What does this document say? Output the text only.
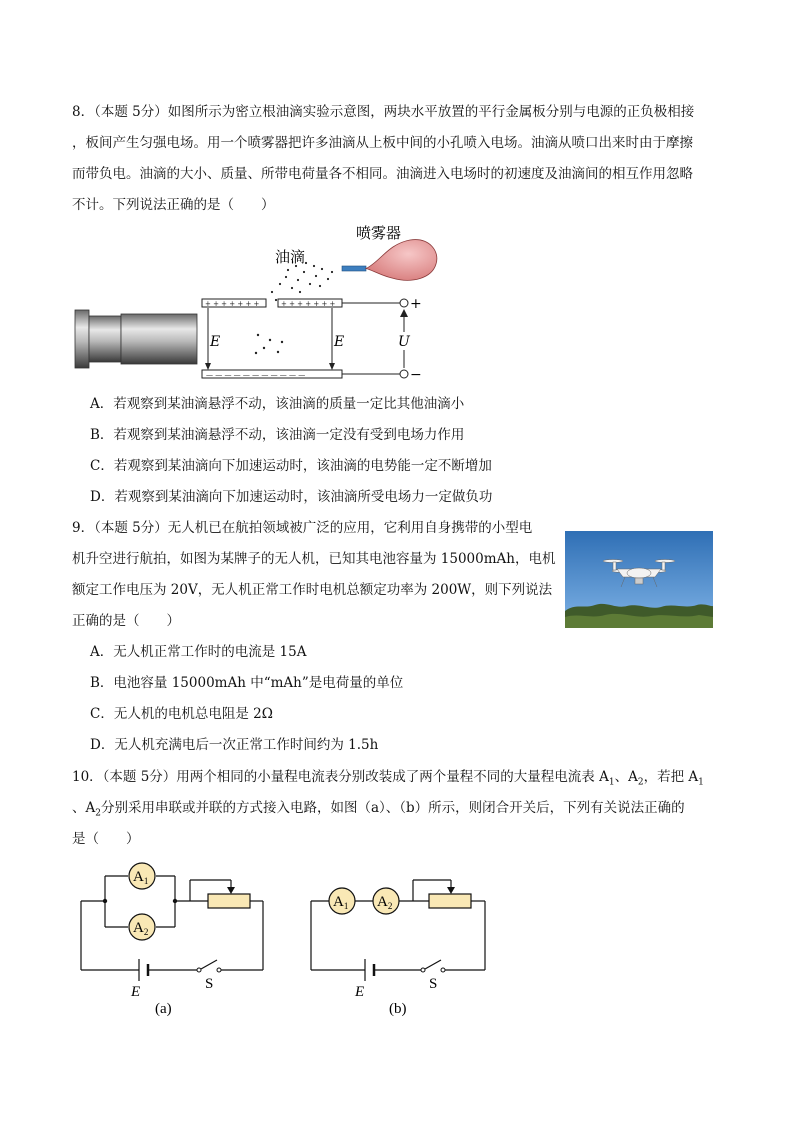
8．（本题 5分）如图所示为密立根油滴实验示意图，两块水平放置的平行金属板分别与电源的正负极相接
，板间产生匀强电场。用一个喷雾器把许多油滴从上板中间的小孔喷入电场。油滴从喷口出来时由于摩擦
而带负电。油滴的大小、质量、所带电荷量各不相同。油滴进入电场时的初速度及油滴间的相互作用忽略
不计。下列说法正确的是（　　）
+ + + + + + +	+ + + + + + +
— — — — — — — — — — —
+
−
U
E	E
油滴
喷雾器
A．若观察到某油滴悬浮不动，该油滴的质量一定比其他油滴小
B．若观察到某油滴悬浮不动，该油滴一定没有受到电场力作用
C．若观察到某油滴向下加速运动时，该油滴的电势能一定不断增加
D．若观察到某油滴向下加速运动时，该油滴所受电场力一定做负功
9．（本题 5分）无人机已在航拍领域被广泛的应用，它利用自身携带的小型电
机升空进行航拍，如图为某牌子的无人机，已知其电池容量为 15000mAh，电机
额定工作电压为 20V，无人机正常工作时电机总额定功率为 200W，则下列说法
正确的是（　　）
A．无人机正常工作时的电流是 15A
B．电池容量 15000mAh 中“mAh”是电荷量的单位
C．无人机的电机总电阻是 2Ω
D．无人机充满电后一次正常工作时间约为 1.5h
10．（本题 5分）用两个相同的小量程电流表分别改装成了两个量程不同的大量程电流表 $A_1$、$A_2$，若把 $A_1$
、$A_2$分别采用串联或并联的方式接入电路，如图（a）、（b）所示，则闭合开关后，下列有关说法正确的
是（　　）
$A_1$
$A_2$
E	S
(a)
$A_1$ $A_2$
E	S
(b)
